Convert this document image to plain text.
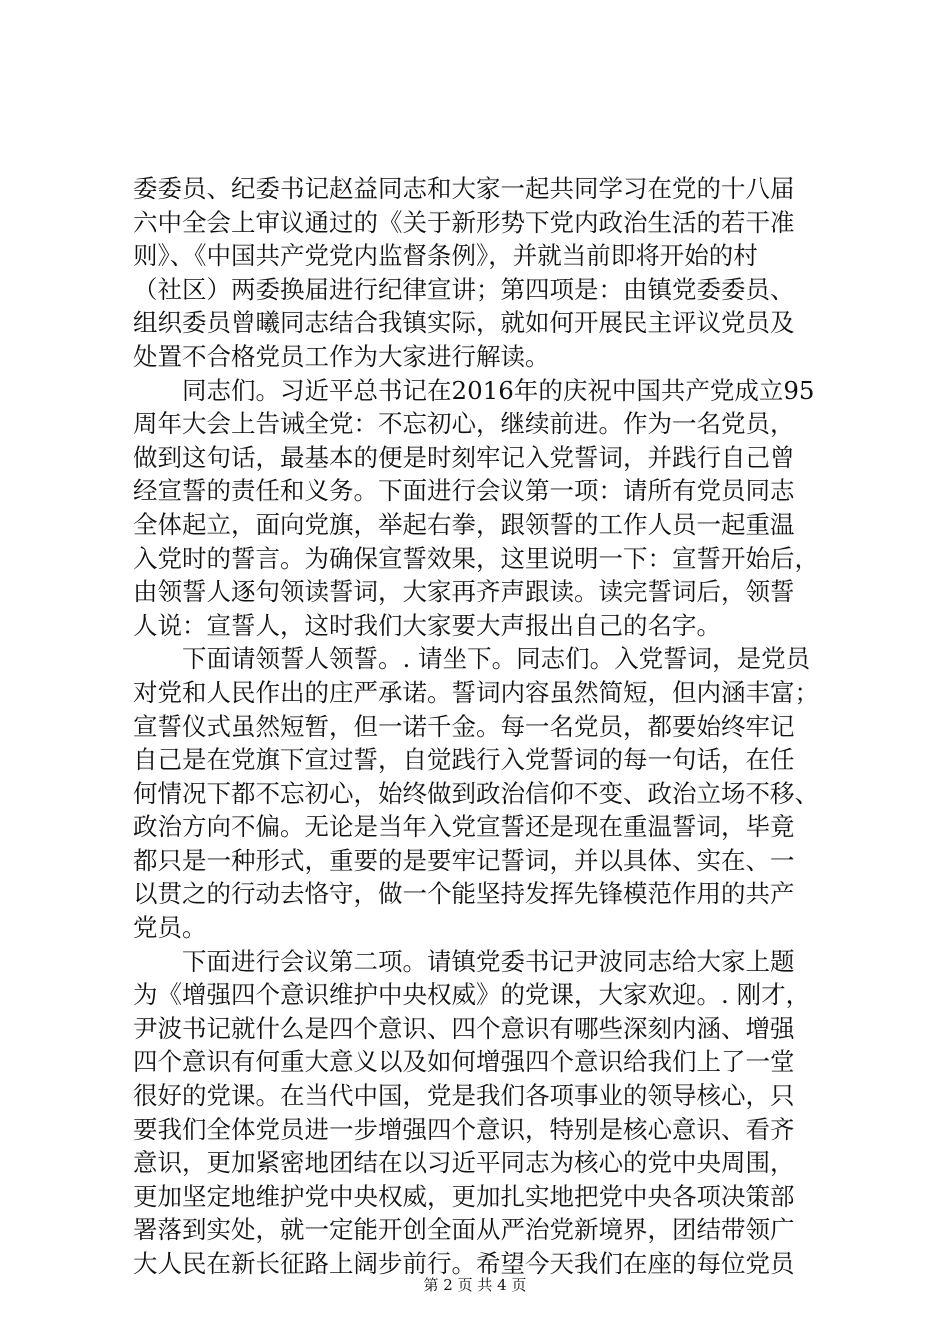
委委员、纪委书记赵益同志和大家一起共同学习在党的十八届
六中全会上审议通过的《关于新形势下党内政治生活的若干准
则》、《中国共产党党内监督条例》，并就当前即将开始的村
（社区）两委换届进行纪律宣讲；第四项是：由镇党委委员、
组织委员曾曦同志结合我镇实际，就如何开展民主评议党员及
处置不合格党员工作为大家进行解读。
　　同志们。习近平总书记在2016年的庆祝中国共产党成立95
周年大会上告诫全党：不忘初心，继续前进。作为一名党员，
做到这句话，最基本的便是时刻牢记入党誓词，并践行自己曾
经宣誓的责任和义务。下面进行会议第一项：请所有党员同志
全体起立，面向党旗，举起右拳，跟领誓的工作人员一起重温
入党时的誓言。为确保宣誓效果，这里说明一下：宣誓开始后，
由领誓人逐句领读誓词，大家再齐声跟读。读完誓词后，领誓
人说：宣誓人，这时我们大家要大声报出自己的名字。
　　下面请领誓人领誓。. 请坐下。同志们。入党誓词，是党员
对党和人民作出的庄严承诺。誓词内容虽然简短，但内涵丰富；
宣誓仪式虽然短暂，但一诺千金。每一名党员，都要始终牢记
自己是在党旗下宣过誓，自觉践行入党誓词的每一句话，在任
何情况下都不忘初心，始终做到政治信仰不变、政治立场不移、
政治方向不偏。无论是当年入党宣誓还是现在重温誓词，毕竟
都只是一种形式，重要的是要牢记誓词，并以具体、实在、一
以贯之的行动去恪守，做一个能坚持发挥先锋模范作用的共产
党员。
　　下面进行会议第二项。请镇党委书记尹波同志给大家上题
为《增强四个意识维护中央权威》的党课，大家欢迎。. 刚才，
尹波书记就什么是四个意识、四个意识有哪些深刻内涵、增强
四个意识有何重大意义以及如何增强四个意识给我们上了一堂
很好的党课。在当代中国，党是我们各项事业的领导核心，只
要我们全体党员进一步增强四个意识，特别是核心意识、看齐
意识，更加紧密地团结在以习近平同志为核心的党中央周围，
更加坚定地维护党中央权威，更加扎实地把党中央各项决策部
署落到实处，就一定能开创全面从严治党新境界，团结带领广
大人民在新长征路上阔步前行。希望今天我们在座的每位党员
第 2 页 共 4 页
